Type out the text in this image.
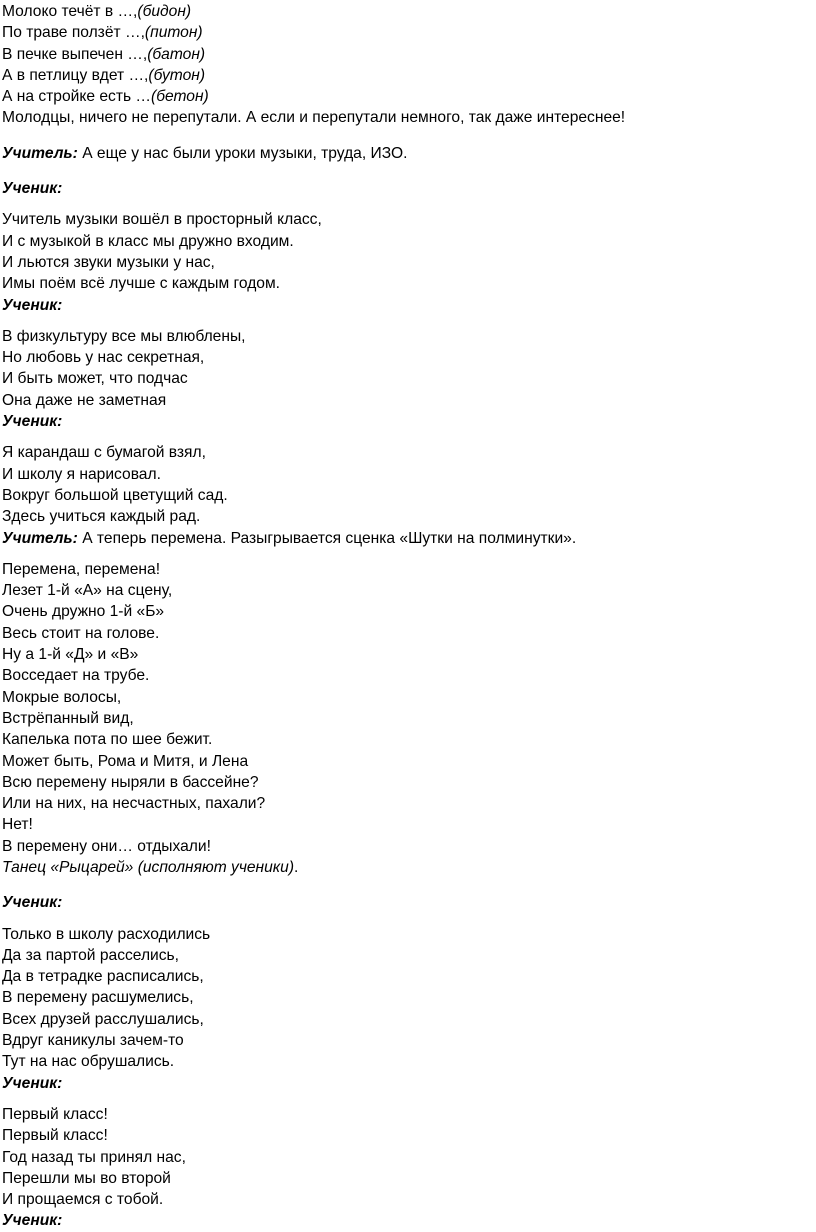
Молоко течёт в …,(бидон)
По траве ползёт …,(питон)
В печке выпечен …,(батон)
А в петлицу вдет …,(бутон)
А на стройке есть …(бетон)
Молодцы, ничего не перепутали. А если и перепутали немного, так даже интереснее!
Учитель: А еще у нас были уроки музыки, труда, ИЗО.
Ученик:
Учитель музыки вошёл в просторный класс,
И с музыкой в класс мы дружно входим.
И льются звуки музыки у нас,
Имы поём всё лучше с каждым годом.
Ученик:
В физкультуру все мы влюблены,
Но любовь у нас секретная,
И быть может, что подчас
Она даже не заметная
Ученик:
Я карандаш с бумагой взял,
И школу я нарисовал.
Вокруг большой цветущий сад.
Здесь учиться каждый рад.
Учитель: А теперь перемена. Разыгрывается сценка «Шутки на полминутки».
Перемена, перемена!
Лезет 1-й «А» на сцену,
Очень дружно 1-й «Б»
Весь стоит на голове.
Ну а 1-й «Д» и «В»
Восседает на трубе.
Мокрые волосы,
Встрёпанный вид,
Капелька пота по шее бежит.
Может быть, Рома и Митя, и Лена
Всю перемену ныряли в бассейне?
Или на них, на несчастных, пахали?
Нет!
В перемену они… отдыхали!
Танец «Рыцарей» (исполняют ученики).
Ученик:
Только в школу расходились
Да за партой расселись,
Да в тетрадке расписались,
В перемену расшумелись,
Всех друзей расслушались,
Вдруг каникулы зачем-то
Тут на нас обрушались.
Ученик:
Первый класс!
Первый класс!
Год назад ты принял нас,
Перешли мы во второй
И прощаемся с тобой.
Ученик:
